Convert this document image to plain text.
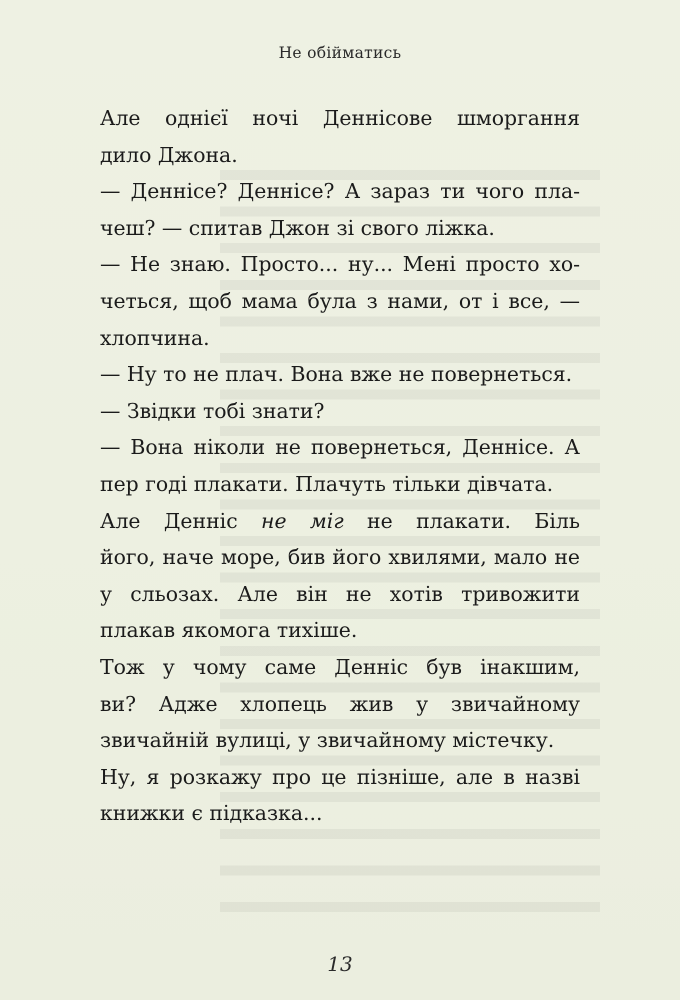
Не обійматись
Але однієї ночі Деннісове шморгання
дило Джона.
— Деннісе? Деннісе? А зараз ти чого пла-
чеш? — спитав Джон зі свого ліжка.
— Не знаю. Просто... ну... Мені просто хо-
четься, щоб мама була з нами, от і все, —
хлопчина.
— Ну то не плач. Вона вже не повернеться.
— Звідки тобі знати?
— Вона ніколи не повернеться, Деннісе. А
пер годі плакати. Плачуть тільки дівчата.
Але Денніс не міг не плакати. Біль
його, наче море, бив його хвилями, мало не
у сльозах. Але він не хотів тривожити
плакав якомога тихіше.
Тож у чому саме Денніс був інакшим,
ви? Адже хлопець жив у звичайному
звичайній вулиці, у звичайному містечку.
Ну, я розкажу про це пізніше, але в назві
книжки є підказка...
13
